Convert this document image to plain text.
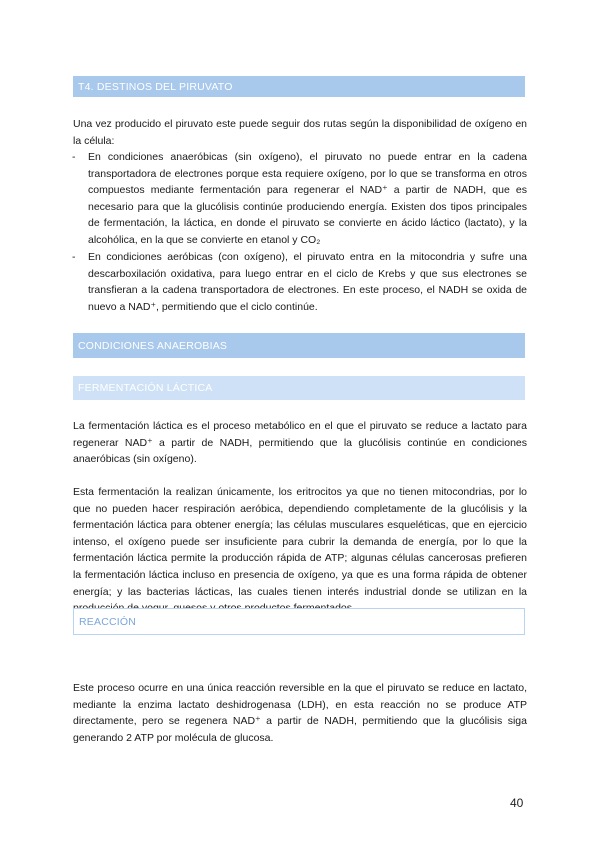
T4. DESTINOS DEL PIRUVATO

Una vez producido el piruvato este puede seguir dos rutas según la disponibilidad de oxígeno en la célula:

- En condiciones anaeróbicas (sin oxígeno), el piruvato no puede entrar en la cadena transportadora de electrones porque esta requiere oxígeno, por lo que se transforma en otros compuestos mediante fermentación para regenerar el NAD⁺ a partir de NADH, que es necesario para que la glucólisis continúe produciendo energía. Existen dos tipos principales de fermentación, la láctica, en donde el piruvato se convierte en ácido láctico (lactato), y la alcohólica, en la que se convierte en etanol y CO₂
- En condiciones aeróbicas (con oxígeno), el piruvato entra en la mitocondria y sufre una descarboxilación oxidativa, para luego entrar en el ciclo de Krebs y que sus electrones se transfieran a la cadena transportadora de electrones. En este proceso, el NADH se oxida de nuevo a NAD⁺, permitiendo que el ciclo continúe.
CONDICIONES ANAEROBIAS
FERMENTACIÓN LÁCTICA

La fermentación láctica es el proceso metabólico en el que el piruvato se reduce a lactato para regenerar NAD⁺ a partir de NADH, permitiendo que la glucólisis continúe en condiciones anaeróbicas (sin oxígeno).

Esta fermentación la realizan únicamente, los eritrocitos ya que no tienen mitocondrias, por lo que no pueden hacer respiración aeróbica, dependiendo completamente de la glucólisis y la fermentación láctica para obtener energía; las células musculares esqueléticas, que en ejercicio intenso, el oxígeno puede ser insuficiente para cubrir la demanda de energía, por lo que la fermentación láctica permite la producción rápida de ATP; algunas células cancerosas prefieren la fermentación láctica incluso en presencia de oxígeno, ya que es una forma rápida de obtener energía; y las bacterias lácticas, las cuales tienen interés industrial donde se utilizan en la

REACCIÓN

Este proceso ocurre en una única reacción reversible en la que el piruvato se reduce en lactato, mediante la enzima lactato deshidrogenasa (LDH), en esta reacción no se produce ATP directamente, pero se regenera NAD⁺ a partir de NADH, permitiendo que la glucólisis siga generando 2 ATP por molécula de glucosa.

40
